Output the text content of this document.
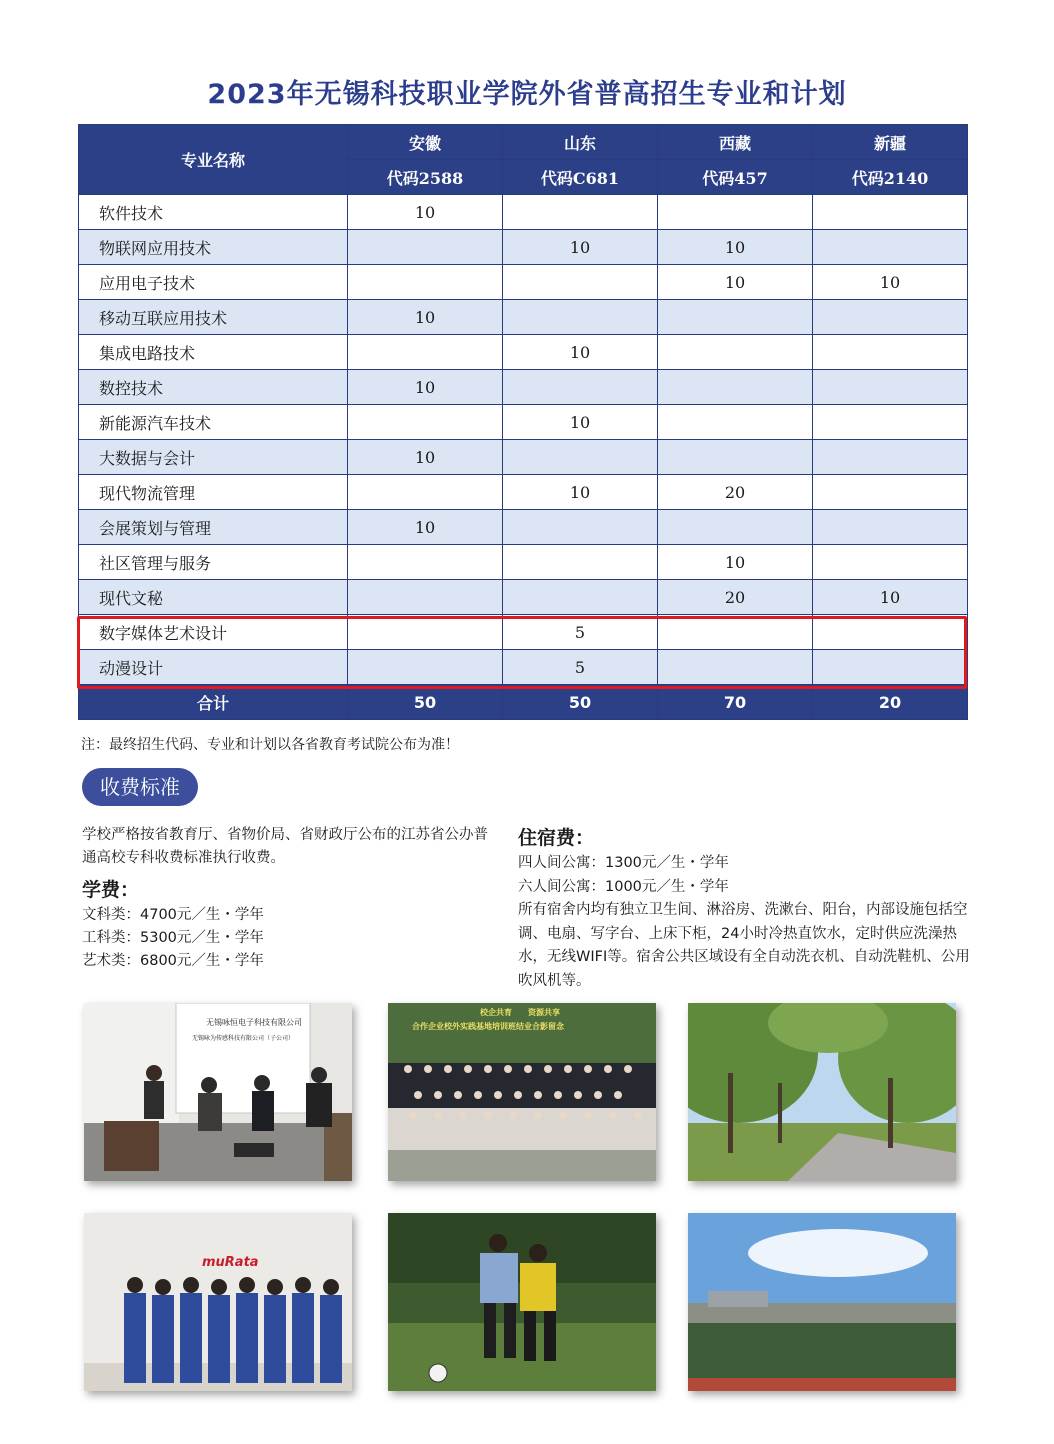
2023年无锡科技职业学院外省普高招生专业和计划
专业名称	安徽	山东	西藏	新疆
	代码2588	代码C681	代码457	代码2140
软件技术	10			
物联网应用技术		10	10	
应用电子技术			10	10
移动互联应用技术	10			
集成电路技术		10		
数控技术	10			
新能源汽车技术		10		
大数据与会计	10			
现代物流管理		10	20	
会展策划与管理	10			
社区管理与服务			10	
现代文秘			20	10
数字媒体艺术设计		5		
动漫设计		5		
合计	50	50	70	20
注：最终招生代码、专业和计划以各省教育考试院公布为准！
收费标准

学校严格按省教育厅、省物价局、省财政厅公布的江苏省公办普通高校专科收费标准执行收费。

学费：

文科类：4700元／生・学年

工科类：5300元／生・学年

艺术类：6800元／生・学年

住宿费：

四人间公寓：1300元／生・学年

六人间公寓：1000元／生・学年

所有宿舍内均有独立卫生间、淋浴房、洗漱台、阳台，内部设施包括空调、电扇、写字台、上床下柜，24小时冷热直饮水，定时供应洗澡热水，无线WIFI等。宿舍公共区域设有全自动洗衣机、自动洗鞋机、公用吹风机等。

无锡咏恒电子科技有限公司
无锡咏为传感科技有限公司（子公司）
校企共育　　资源共享
合作企业校外实践基地培训班结业合影留念
muRata
